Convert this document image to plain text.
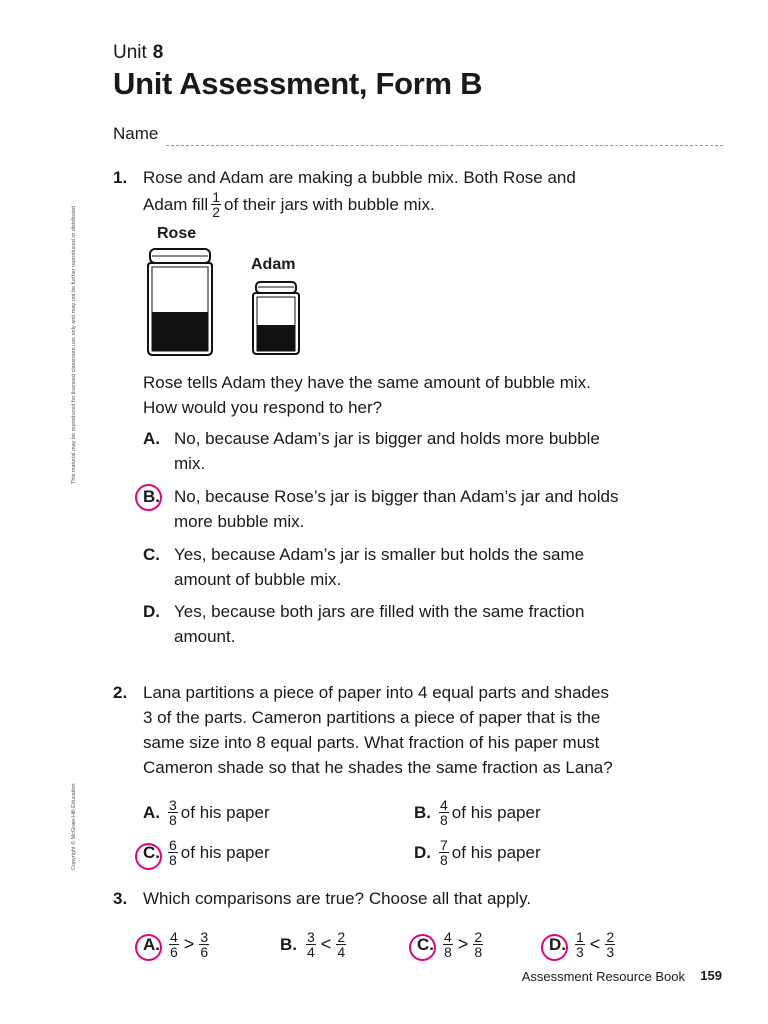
Unit 8
Unit Assessment, Form B
Name
This material may be reproduced for licensed classroom use only and may not be further reproduced or distributed
Copyright © McGraw-Hill Education
1. Rose and Adam are making a bubble mix. Both Rose and
Adam fill $\frac{1}{2}$ of their jars with bubble mix.
Rose
Adam
Rose tells Adam they have the same amount of bubble mix.
How would you respond to her?
A. No, because Adam’s jar is bigger and holds more bubble
mix.
B. No, because Rose’s jar is bigger than Adam’s jar and holds
more bubble mix.
C. Yes, because Adam’s jar is smaller but holds the same
amount of bubble mix.
D. Yes, because both jars are filled with the same fraction
amount.
2. Lana partitions a piece of paper into 4 equal parts and shades
3 of the parts. Cameron partitions a piece of paper that is the
same size into 8 equal parts. What fraction of his paper must
Cameron shade so that he shades the same fraction as Lana?
A. $\frac{3}{8}$ of his paper	B. $\frac{4}{8}$ of his paper
C. $\frac{6}{8}$ of his paper	D. $\frac{7}{8}$ of his paper
3. Which comparisons are true? Choose all that apply.
A. $\frac{4}{6} > \frac{3}{6}$	B. $\frac{3}{4} < \frac{2}{4}$	C. $\frac{4}{8} > \frac{2}{8}$	D. $\frac{1}{3} < \frac{2}{3}$
Assessment Resource Book 159
